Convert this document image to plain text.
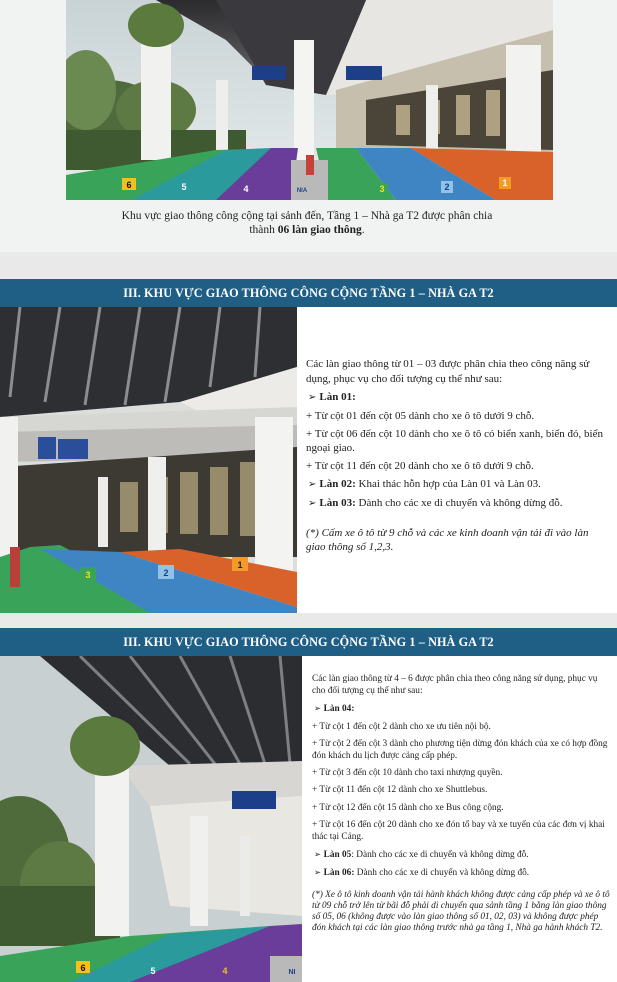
6	5	4	NIA	3	2	1
Khu vực giao thông công cộng tại sảnh đến, Tầng 1 – Nhà ga T2 được phân chia
thành 06 làn giao thông.
III. KHU VỰC GIAO THÔNG CÔNG CỘNG TẦNG 1 – NHÀ GA T2
3	2
1

Các làn giao thông từ 01 – 03 được phân chia theo công năng sử dụng, phục vụ cho đối tượng cụ thể như sau:

➢ Làn 01:

+ Từ cột 01 đến cột 05 dành cho xe ô tô dưới 9 chỗ.

+ Từ cột 06 đến cột 10 dành cho xe ô tô có biển xanh, biển đỏ, biển ngoại giao.

+ Từ cột 11 đến cột 20 dành cho xe ô tô dưới 9 chỗ.

➢ Làn 02: Khai thác hỗn hợp của Làn 01 và Làn 03.

➢ Làn 03: Dành cho các xe di chuyển và không dừng đỗ.

(*) Cấm xe ô tô từ 9 chỗ và các xe kinh doanh vận tải đi vào làn giao thông số 1,2,3.

III. KHU VỰC GIAO THÔNG CÔNG CỘNG TẦNG 1 – NHÀ GA T2
6	5	4	NI

Các làn giao thông từ 4 – 6 được phân chia theo công năng sử dụng, phục vụ cho đối tượng cụ thể như sau:

➢ Làn 04:

+ Từ cột 1 đến cột 2 dành cho xe ưu tiên nội bộ.

+ Từ cột 2 đến cột 3 dành cho phương tiện dừng đón khách của xe có hợp đồng đón khách du lịch được cảng cấp phép.

+ Từ cột 3 đến cột 10 dành cho taxi nhượng quyền.

+ Từ cột 11 đến cột 12 dành cho xe Shuttlebus.

+ Từ cột 12 đến cột 15 dành cho xe Bus công cộng.

+ Từ cột 16 đến cột 20 dành cho xe đón tổ bay và xe tuyến của các đơn vị khai thác tại Cảng.

➢ Làn 05: Dành cho các xe di chuyển và không dừng đỗ.

➢ Làn 06: Dành cho các xe di chuyển và không dừng đỗ.

(*) Xe ô tô kinh doanh vận tải hành khách không được cảng cấp phép và xe ô tô từ 09 chỗ trở lên từ bãi đỗ phải di chuyển qua sảnh tầng 1 bằng làn giao thông số 05, 06 (không được vào làn giao thông số 01, 02, 03) và không được phép đón khách tại các làn giao thông trước nhà ga tầng 1, Nhà ga hành khách T2.
